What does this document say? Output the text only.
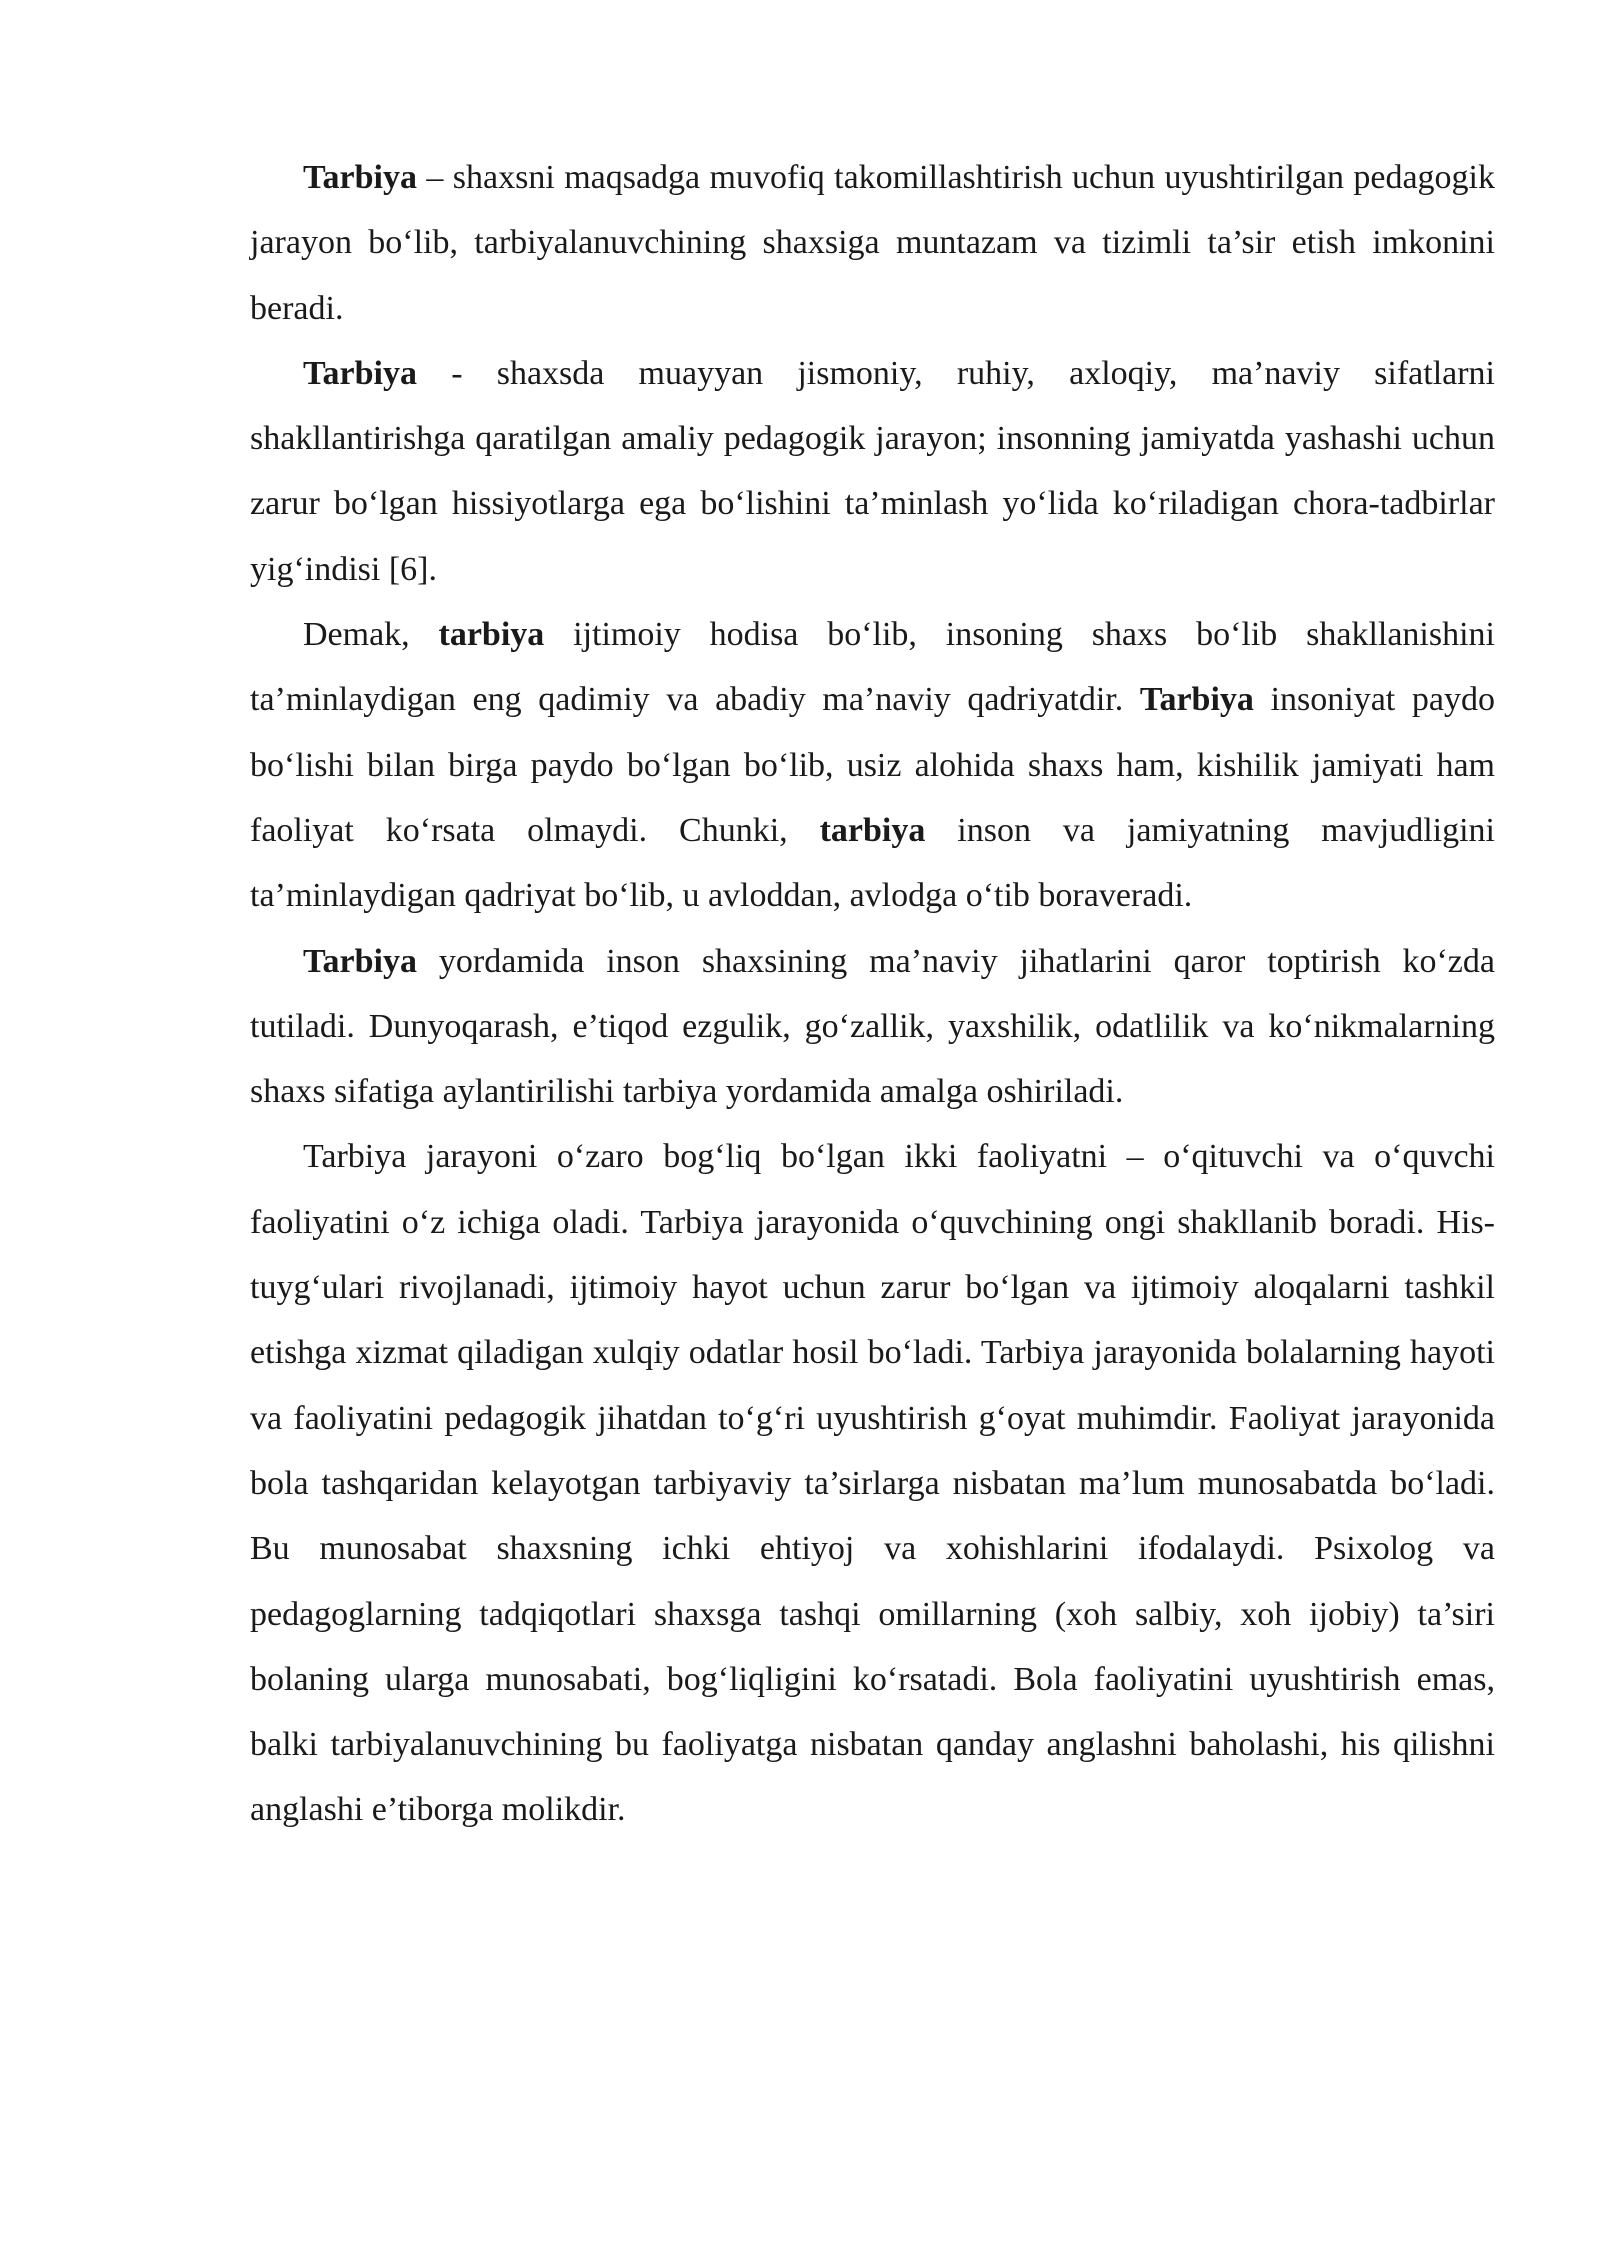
Tarbiya – shaxsni maqsadga muvofiq takomillashtirish uchun uyushtirilgan pedagogik jarayon bo‘lib, tarbiyalanuvchining shaxsiga muntazam va tizimli ta’sir etish imkonini beradi.

Tarbiya - shaxsda muayyan jismoniy, ruhiy, axloqiy, ma’naviy sifatlarni shakllantirishga qaratilgan amaliy pedagogik jarayon; insonning jamiyatda yashashi uchun zarur bo‘lgan hissiyotlarga ega bo‘lishini ta’minlash yo‘lida ko‘riladigan chora-tadbirlar yig‘indisi [6].

Demak, tarbiya ijtimoiy hodisa bo‘lib, insoning shaxs bo‘lib shakllanishini ta’minlaydigan eng qadimiy va abadiy ma’naviy qadriyatdir. Tarbiya insoniyat paydo bo‘lishi bilan birga paydo bo‘lgan bo‘lib, usiz alohida shaxs ham, kishilik jamiyati ham faoliyat ko‘rsata olmaydi. Chunki, tarbiya inson va jamiyatning mavjudligini ta’minlaydigan qadriyat bo‘lib, u avloddan, avlodga o‘tib boraveradi.

Tarbiya yordamida inson shaxsining ma’naviy jihatlarini qaror toptirish ko‘zda tutiladi. Dunyoqarash, e’tiqod ezgulik, go‘zallik, yaxshilik, odatlilik va ko‘nikmalarning shaxs sifatiga aylantirilishi tarbiya yordamida amalga oshiriladi.

Tarbiya jarayoni o‘zaro bog‘liq bo‘lgan ikki faoliyatni – o‘qituvchi va o‘quvchi faoliyatini o‘z ichiga oladi. Tarbiya jarayonida o‘quvchining ongi shakllanib boradi. His-tuyg‘ulari rivojlanadi, ijtimoiy hayot uchun zarur bo‘lgan va ijtimoiy aloqalarni tashkil etishga xizmat qiladigan xulqiy odatlar hosil bo‘ladi. Tarbiya jarayonida bolalarning hayoti va faoliyatini pedagogik jihatdan to‘g‘ri uyushtirish g‘oyat muhimdir. Faoliyat jarayonida bola tashqaridan kelayotgan tarbiyaviy ta’sirlarga nisbatan ma’lum munosabatda bo‘ladi. Bu munosabat shaxsning ichki ehtiyoj va xohishlarini ifodalaydi. Psixolog va pedagoglarning tadqiqotlari shaxsga tashqi omillarning (xoh salbiy, xoh ijobiy) ta’siri bolaning ularga munosabati, bog‘liqligini ko‘rsatadi. Bola faoliyatini uyushtirish emas, balki tarbiyalanuvchining bu faoliyatga nisbatan qanday anglashni baholashi, his qilishni anglashi e’tiborga molikdir.
